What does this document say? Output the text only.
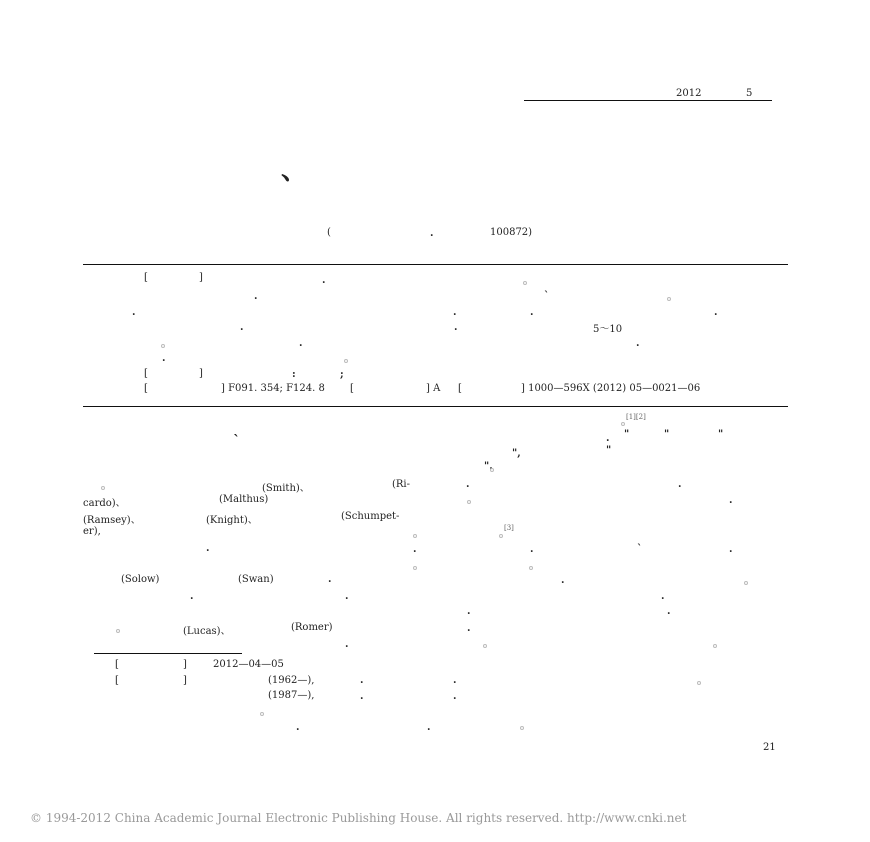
2012	5
、
(	.	100872)
[	]	.
.	`
.	.	.	.
.	.	5～10
.	.
.
[	]	:	;
[	] F091. 354; F124. 8	[	] A [	] 1000—596X (2012) 05—0021—06
`
(Smith)、	(Ri-
cardo)、	(Malthus)
(Ramsey)、	(Knight)、	(Schumpet-
er),
.
(Solow)	(Swan)	.
.	.
(Lucas)、	(Romer)
.
[	]	2012—04—05
[	]	(1962—),	.	.
(1987—),	.	.
.	.
[1][2]
. "	"	"
",	"
".
.	.
.
[3]
.	.	`	.
.
.
.	.
.
21
© 1994-2012 China Academic Journal Electronic Publishing House. All rights reserved. http://www.cnki.net
